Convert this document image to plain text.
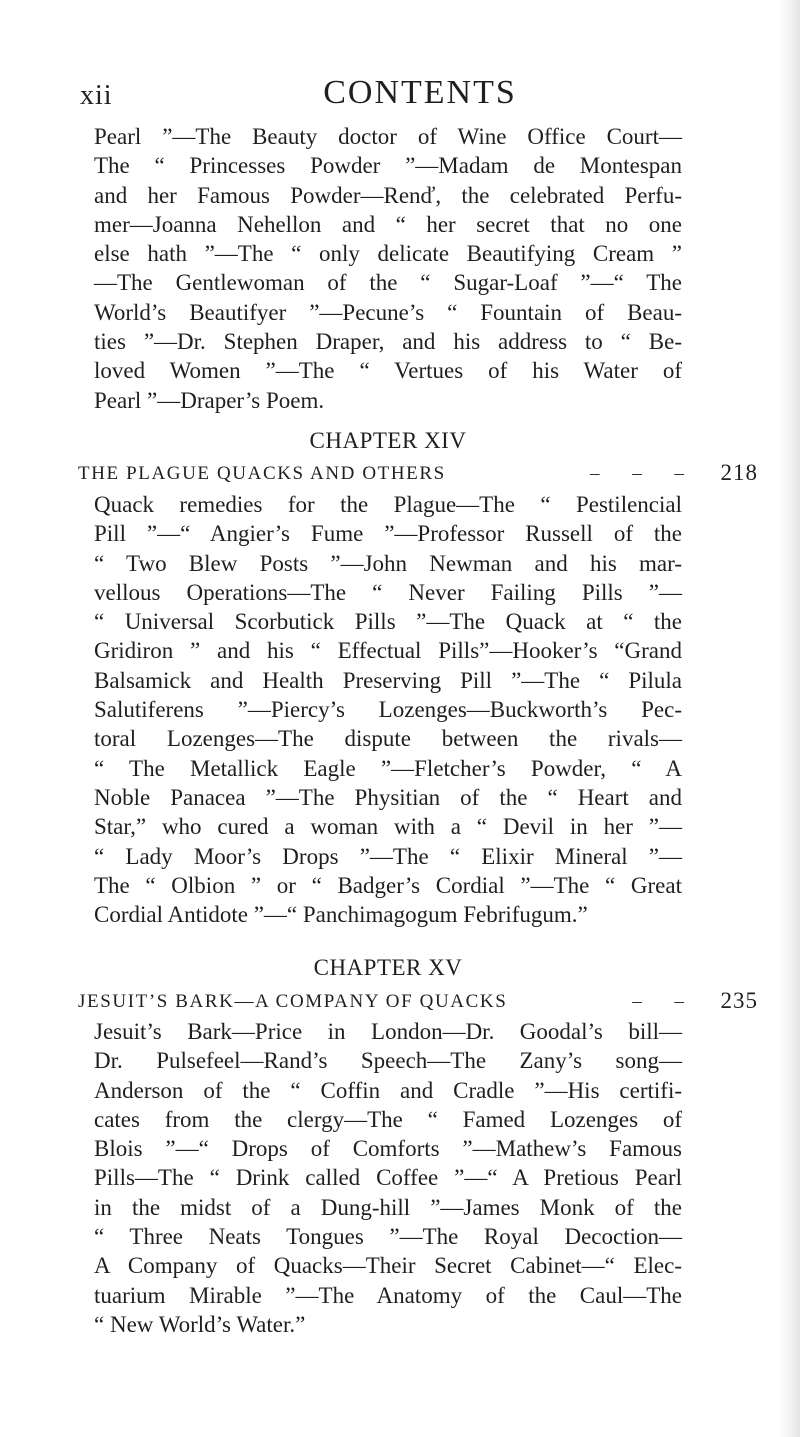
xii	CONTENTS

Pearl ”—The Beauty doctor of Wine Office Court—
The “ Princesses Powder ”—Madam de Montespan
and her Famous Powder—Renď, the celebrated Perfu-
mer—Joanna Nehellon and “ her secret that no one
else hath ”—The “ only delicate Beautifying Cream ”
—The Gentlewoman of the “ Sugar-Loaf ”—“ The
World’s Beautifyer ”—Pecune’s “ Fountain of Beau-
ties ”—Dr. Stephen Draper, and his address to “ Be-
loved Women ”—The “ Vertues of his Water of
Pearl ”—Draper’s Poem.

CHAPTER XIV
THE PLAGUE QUACKS AND OTHERS	– – – 218

Quack remedies for the Plague—The “ Pestilencial
Pill ”—“ Angier’s Fume ”—Professor Russell of the
“ Two Blew Posts ”—John Newman and his mar-
vellous Operations—The “ Never Failing Pills ”—
“ Universal Scorbutick Pills ”—The Quack at “ the
Gridiron ” and his “ Effectual Pills”—Hooker’s “Grand
Balsamick and Health Preserving Pill ”—The “ Pilula
Salutiferens ”—Piercy’s Lozenges—Buckworth’s Pec-
toral Lozenges—The dispute between the rivals—
“ The Metallick Eagle ”—Fletcher’s Powder, “ A
Noble Panacea ”—The Physitian of the “ Heart and
Star,” who cured a woman with a “ Devil in her ”—
“ Lady Moor’s Drops ”—The “ Elixir Mineral ”—
The “ Olbion ” or “ Badger’s Cordial ”—The “ Great
Cordial Antidote ”—“ Panchimagogum Febrifugum.”

CHAPTER XV
JESUIT’S BARK—A COMPANY OF QUACKS	– – 235

Jesuit’s Bark—Price in London—Dr. Goodal’s bill—
Dr. Pulsefeel—Rand’s Speech—The Zany’s song—
Anderson of the “ Coffin and Cradle ”—His certifi-
cates from the clergy—The “ Famed Lozenges of
Blois ”—“ Drops of Comforts ”—Mathew’s Famous
Pills—The “ Drink called Coffee ”—“ A Pretious Pearl
in the midst of a Dung-hill ”—James Monk of the
“ Three Neats Tongues ”—The Royal Decoction—
A Company of Quacks—Their Secret Cabinet—“ Elec-
tuarium Mirable ”—The Anatomy of the Caul—The
“ New World’s Water.”
